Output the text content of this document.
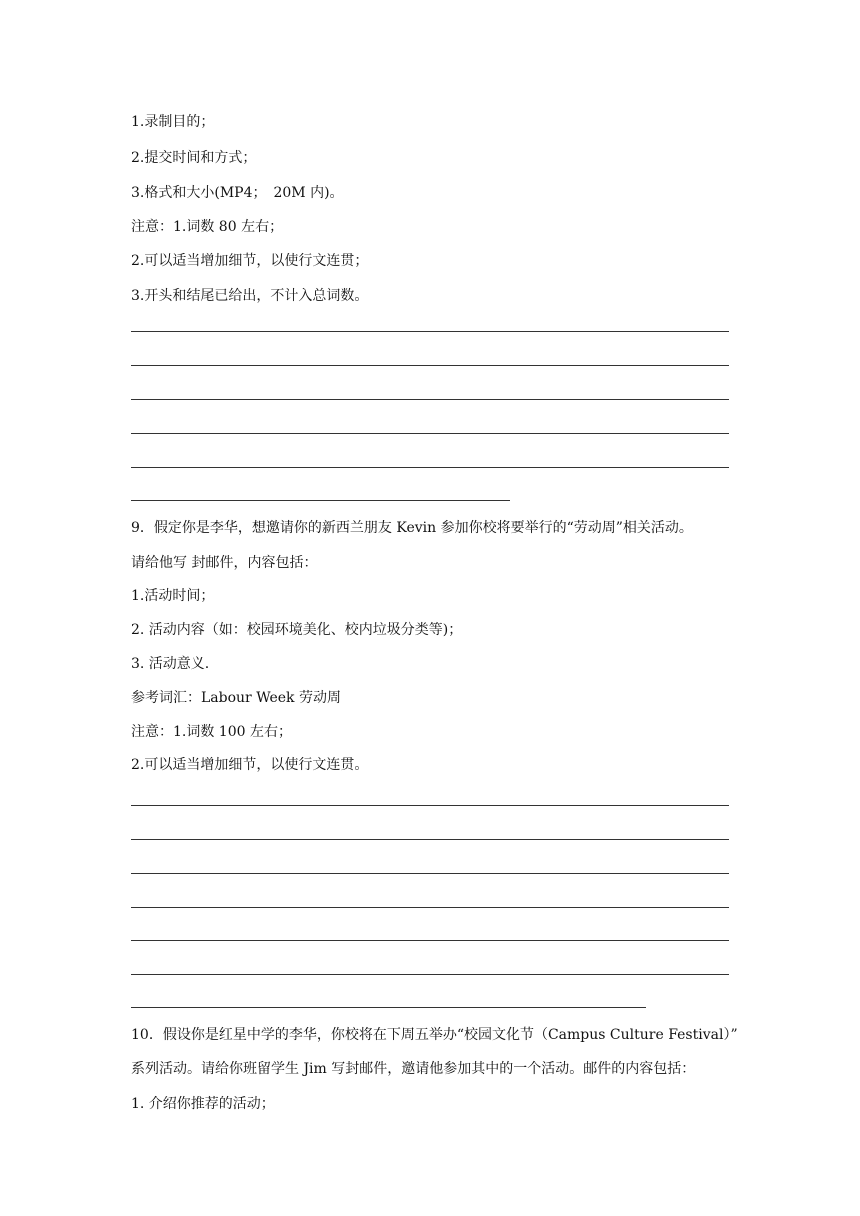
1.录制目的；
2.提交时间和方式；
3.格式和大小(MP4；　20M 内)。
注意：1.词数 80 左右；
2.可以适当增加细节，以使行文连贯；
3.开头和结尾已给出，不计入总词数。
9．假定你是李华，想邀请你的新西兰朋友 Kevin 参加你校将要举行的“劳动周”相关活动。
请给他写 封邮件，内容包括：
1.活动时间；
2. 活动内容（如：校园环境美化、校内垃圾分类等)；
3. 活动意义.
参考词汇：Labour Week 劳动周
注意：1.词数 100 左右；
2.可以适当增加细节，以使行文连贯。
10．假设你是红星中学的李华，你校将在下周五举办“校园文化节（Campus Culture Festival）”
系列活动。请给你班留学生 Jim 写封邮件，邀请他参加其中的一个活动。邮件的内容包括：
1. 介绍你推荐的活动；
